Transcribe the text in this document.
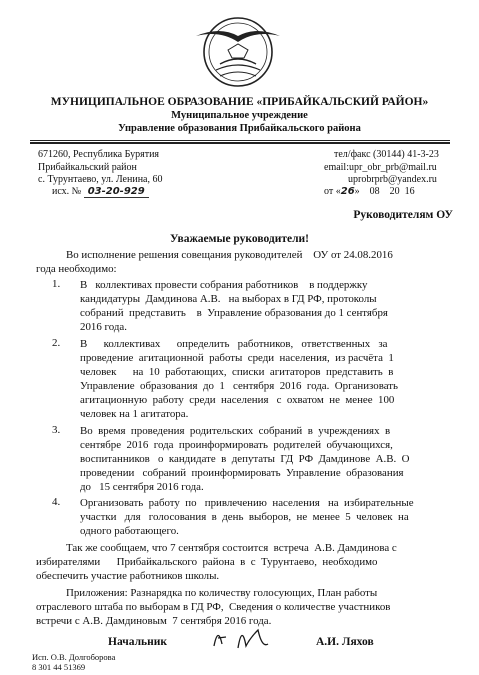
МУНИЦИПАЛЬНОЕ ОБРАЗОВАНИЕ «ПРИБАЙКАЛЬСКИЙ РАЙОН»
Муниципальное учреждение
Управление образования Прибайкальского района
671260, Республика Бурятия
Прибайкальский район
с. Турунтаево, ул. Ленина, 60
исх. № 03-20-929
тел/факс (30144) 41-3-23
email:upr_obr_prb@mail.ru
uprobrprb@yandex.ru
от «26»    08    20  16
Руководителям ОУ
Уважаемые руководители!
Во исполнение решения совещания руководителей    ОУ от 24.08.2016
года необходимо:
1. В   коллективах провести собрания работников    в поддержку
кандидатуры  Дамдинова А.В.   на выборах в ГД РФ, протоколы
собраний  представить    в  Управление образования до 1 сентября
2016 года.
2. В      коллективах      определить   работников,   ответственных   за
проведение  агитационной  работы  среди  населения,  из расчёта  1
человек      на  10  работающих,  списки  агитаторов  представить  в
Управление  образования  до  1   сентября  2016  года.  Организовать
агитационную  работу  среди  населения   с  охватом  не  менее  100
человек на 1 агитатора.
3. Во  время  проведения  родительских  собраний  в  учреждениях  в
сентябре  2016  года  проинформировать  родителей  обучающихся,
воспитанников   о  кандидате  в  депутаты  ГД  РФ  Дамдинове  А.В.  О
проведении   собраний  проинформировать  Управление  образования
до   15 сентября 2016 года.
4. Организовать  работу  по   привлечению  населения   на  избирательные
участки   для   голосования  в  день  выборов,  не  менее  5  человек  на
одного работающего.
Так же сообщаем, что 7 сентября состоится  встреча  А.В. Дамдинова с
избирателями      Прибайкальского  района  в  с  Турунтаево,  необходимо
обеспечить участие работников школы.
Приложения: Разнарядка по количеству голосующих, План работы
отраслевого штаба по выборам в ГД РФ,  Сведения о количестве участников
встречи с А.В. Дамдиновым  7 сентября 2016 года.
Начальник	А.И. Ляхов
Исп. О.В. Долгоборова
8 301 44 51369
